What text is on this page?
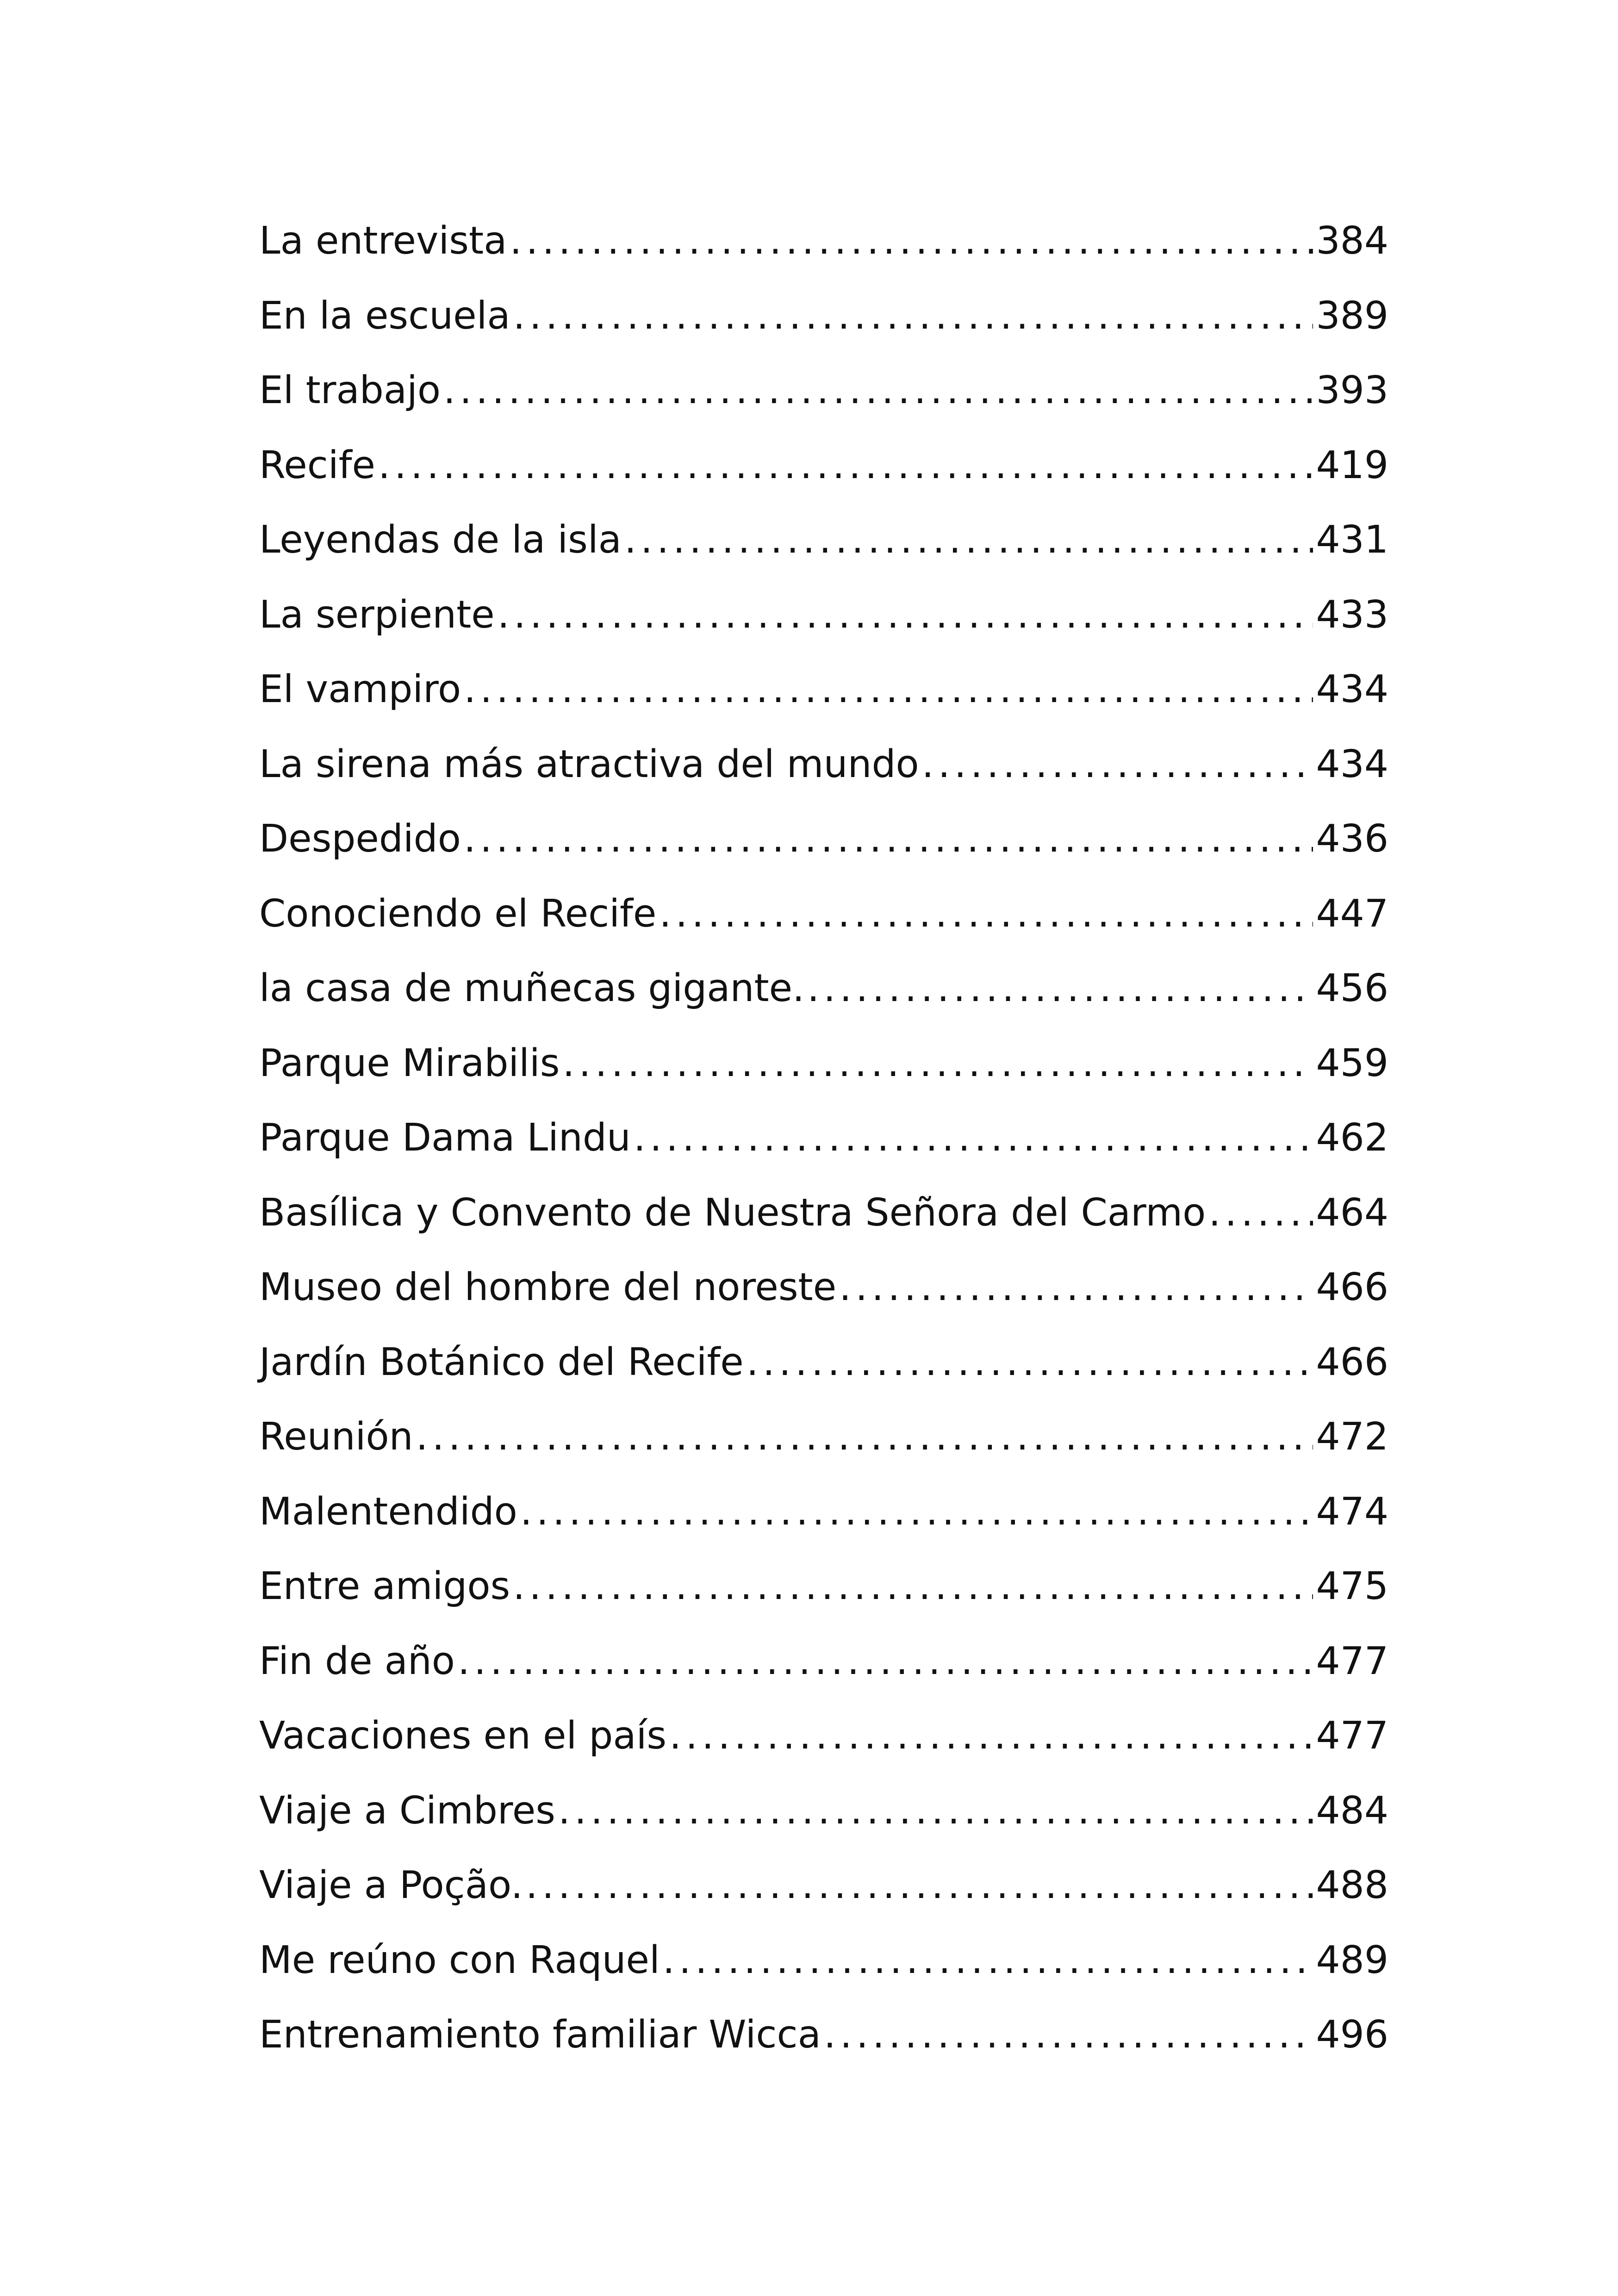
La entrevista .....	384
En la escuela .....	389
El trabajo .....	393
Recife .....	419
Leyendas de la isla .....	431
La serpiente .....	433
El vampiro .....	434
La sirena más atractiva del mundo .....	434
Despedido .....	436
Conociendo el Recife .....	447
la casa de muñecas gigante. .....	456
Parque Mirabilis .....	459
Parque Dama Lindu .....	462
Basílica y Convento de Nuestra Señora del Carmo .....	464
Museo del hombre del noreste .....	466
Jardín Botánico del Recife .....	466
Reunión .....	472
Malentendido .....	474
Entre amigos .....	475
Fin de año .....	477
Vacaciones en el país .....	477
Viaje a Cimbres .....	484
Viaje a Poção. .....	488
Me reúno con Raquel .....	489
Entrenamiento familiar Wicca .....	496
